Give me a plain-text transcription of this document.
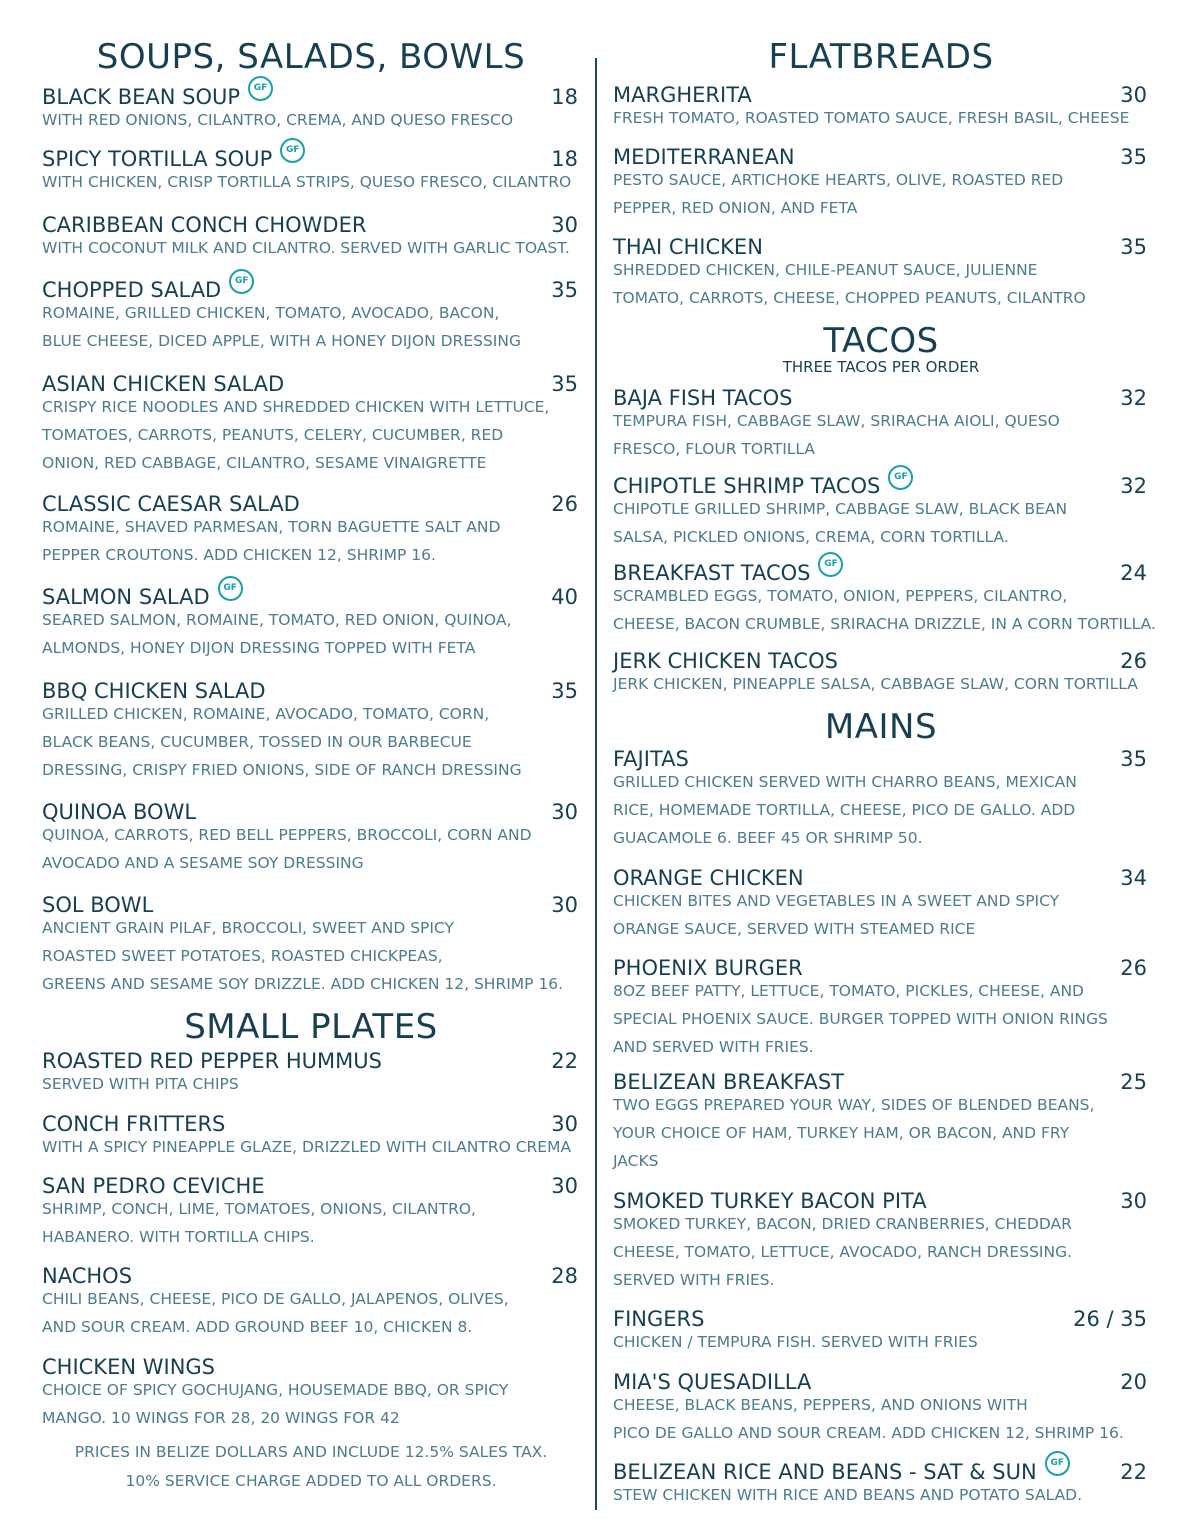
SOUPS, SALADS, BOWLS
BLACK BEAN SOUP GF	18
WITH RED ONIONS, CILANTRO, CREMA, AND QUESO FRESCO
SPICY TORTILLA SOUP GF	18
WITH CHICKEN, CRISP TORTILLA STRIPS, QUESO FRESCO, CILANTRO
CARIBBEAN CONCH CHOWDER	30
WITH COCONUT MILK AND CILANTRO. SERVED WITH GARLIC TOAST.
CHOPPED SALAD GF	35
ROMAINE, GRILLED CHICKEN, TOMATO, AVOCADO, BACON,
BLUE CHEESE, DICED APPLE, WITH A HONEY DIJON DRESSING
ASIAN CHICKEN SALAD	35
CRISPY RICE NOODLES AND SHREDDED CHICKEN WITH LETTUCE,
TOMATOES, CARROTS, PEANUTS, CELERY, CUCUMBER, RED
ONION, RED CABBAGE, CILANTRO, SESAME VINAIGRETTE
CLASSIC CAESAR SALAD	26
ROMAINE, SHAVED PARMESAN, TORN BAGUETTE SALT AND
PEPPER CROUTONS. ADD CHICKEN 12, SHRIMP 16.
SALMON SALAD GF	40
SEARED SALMON, ROMAINE, TOMATO, RED ONION, QUINOA,
ALMONDS, HONEY DIJON DRESSING TOPPED WITH FETA
BBQ CHICKEN SALAD	35
GRILLED CHICKEN, ROMAINE, AVOCADO, TOMATO, CORN,
BLACK BEANS, CUCUMBER, TOSSED IN OUR BARBECUE
DRESSING, CRISPY FRIED ONIONS, SIDE OF RANCH DRESSING
QUINOA BOWL	30
QUINOA, CARROTS, RED BELL PEPPERS, BROCCOLI, CORN AND
AVOCADO AND A SESAME SOY DRESSING
SOL BOWL	30
ANCIENT GRAIN PILAF, BROCCOLI, SWEET AND SPICY
ROASTED SWEET POTATOES, ROASTED CHICKPEAS,
GREENS AND SESAME SOY DRIZZLE. ADD CHICKEN 12, SHRIMP 16.
SMALL PLATES
ROASTED RED PEPPER HUMMUS	22
SERVED WITH PITA CHIPS
CONCH FRITTERS	30
WITH A SPICY PINEAPPLE GLAZE, DRIZZLED WITH CILANTRO CREMA
SAN PEDRO CEVICHE	30
SHRIMP, CONCH, LIME, TOMATOES, ONIONS, CILANTRO,
HABANERO. WITH TORTILLA CHIPS.
NACHOS	28
CHILI BEANS, CHEESE, PICO DE GALLO, JALAPENOS, OLIVES,
AND SOUR CREAM. ADD GROUND BEEF 10, CHICKEN 8.
CHICKEN WINGS
CHOICE OF SPICY GOCHUJANG, HOUSEMADE BBQ, OR SPICY
MANGO. 10 WINGS FOR 28, 20 WINGS FOR 42
PRICES IN BELIZE DOLLARS AND INCLUDE 12.5% SALES TAX.
10% SERVICE CHARGE ADDED TO ALL ORDERS.
FLATBREADS
MARGHERITA	30
FRESH TOMATO, ROASTED TOMATO SAUCE, FRESH BASIL, CHEESE
MEDITERRANEAN	35
PESTO SAUCE, ARTICHOKE HEARTS, OLIVE, ROASTED RED
PEPPER, RED ONION, AND FETA
THAI CHICKEN	35
SHREDDED CHICKEN, CHILE-PEANUT SAUCE, JULIENNE
TOMATO, CARROTS, CHEESE, CHOPPED PEANUTS, CILANTRO
TACOS
THREE TACOS PER ORDER
BAJA FISH TACOS	32
TEMPURA FISH, CABBAGE SLAW, SRIRACHA AIOLI, QUESO
FRESCO, FLOUR TORTILLA
CHIPOTLE SHRIMP TACOS GF	32
CHIPOTLE GRILLED SHRIMP, CABBAGE SLAW, BLACK BEAN
SALSA, PICKLED ONIONS, CREMA, CORN TORTILLA.
BREAKFAST TACOS GF	24
SCRAMBLED EGGS, TOMATO, ONION, PEPPERS, CILANTRO,
CHEESE, BACON CRUMBLE, SRIRACHA DRIZZLE, IN A CORN TORTILLA.
JERK CHICKEN TACOS	26
JERK CHICKEN, PINEAPPLE SALSA, CABBAGE SLAW, CORN TORTILLA
MAINS
FAJITAS	35
GRILLED CHICKEN SERVED WITH CHARRO BEANS, MEXICAN
RICE, HOMEMADE TORTILLA, CHEESE, PICO DE GALLO. ADD
GUACAMOLE 6. BEEF 45 OR SHRIMP 50.
ORANGE CHICKEN	34
CHICKEN BITES AND VEGETABLES IN A SWEET AND SPICY
ORANGE SAUCE, SERVED WITH STEAMED RICE
PHOENIX BURGER	26
8OZ BEEF PATTY, LETTUCE, TOMATO, PICKLES, CHEESE, AND
SPECIAL PHOENIX SAUCE. BURGER TOPPED WITH ONION RINGS
AND SERVED WITH FRIES.
BELIZEAN BREAKFAST	25
TWO EGGS PREPARED YOUR WAY, SIDES OF BLENDED BEANS,
YOUR CHOICE OF HAM, TURKEY HAM, OR BACON, AND FRY
JACKS
SMOKED TURKEY BACON PITA	30
SMOKED TURKEY, BACON, DRIED CRANBERRIES, CHEDDAR
CHEESE, TOMATO, LETTUCE, AVOCADO, RANCH DRESSING.
SERVED WITH FRIES.
FINGERS	26 / 35
CHICKEN / TEMPURA FISH. SERVED WITH FRIES
MIA'S QUESADILLA	20
CHEESE, BLACK BEANS, PEPPERS, AND ONIONS WITH
PICO DE GALLO AND SOUR CREAM. ADD CHICKEN 12, SHRIMP 16.
BELIZEAN RICE AND BEANS - SAT & SUN GF	22
STEW CHICKEN WITH RICE AND BEANS AND POTATO SALAD.
